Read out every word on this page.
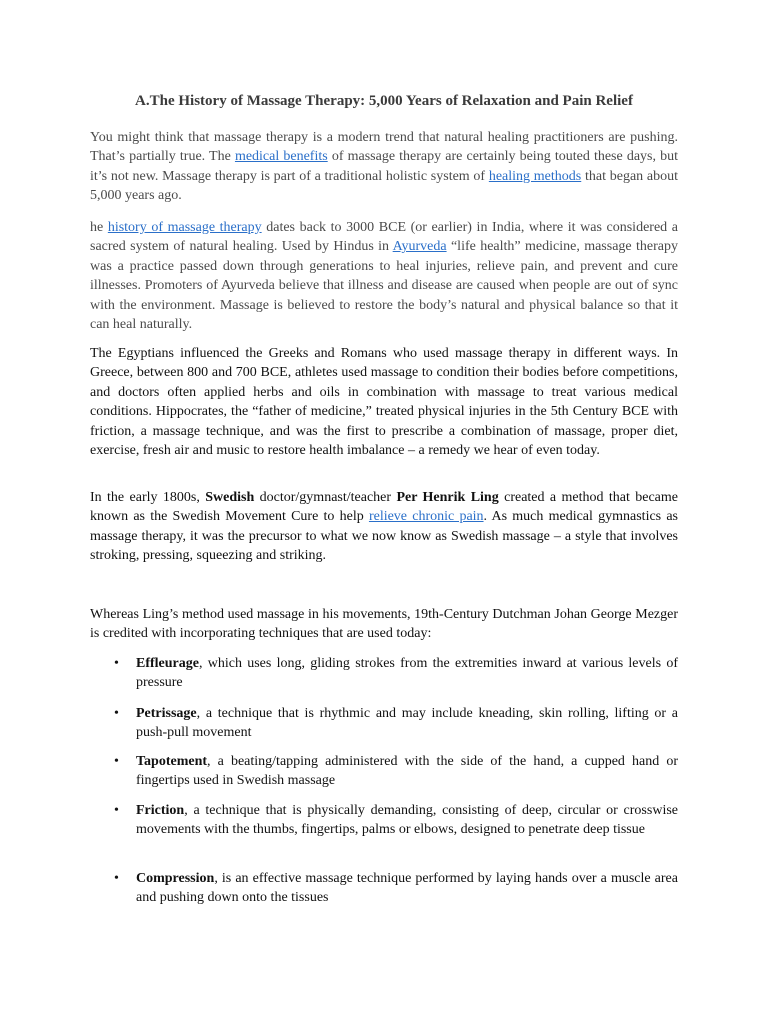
A.The History of Massage Therapy: 5,000 Years of Relaxation and Pain Relief

You might think that massage therapy is a modern trend that natural healing practitioners are pushing. That’s partially true. The medical benefits of massage therapy are certainly being touted these days, but it’s not new. Massage therapy is part of a traditional holistic system of healing methods that began about 5,000 years ago.

he history of massage therapy dates back to 3000 BCE (or earlier) in India, where it was considered a sacred system of natural healing. Used by Hindus in Ayurveda “life health” medicine, massage therapy was a practice passed down through generations to heal injuries, relieve pain, and prevent and cure illnesses. Promoters of Ayurveda believe that illness and disease are caused when people are out of sync with the environment. Massage is believed to restore the body’s natural and physical balance so that it can heal naturally.

The Egyptians influenced the Greeks and Romans who used massage therapy in different ways. In Greece, between 800 and 700 BCE, athletes used massage to condition their bodies before competitions, and doctors often applied herbs and oils in combination with massage to treat various medical conditions. Hippocrates, the “father of medicine,” treated physical injuries in the 5th Century BCE with friction, a massage technique, and was the first to prescribe a combination of massage, proper diet, exercise, fresh air and music to restore health imbalance – a remedy we hear of even today.

In the early 1800s, Swedish doctor/gymnast/teacher Per Henrik Ling created a method that became known as the Swedish Movement Cure to help relieve chronic pain. As much medical gymnastics as massage therapy, it was the precursor to what we now know as Swedish massage – a style that involves stroking, pressing, squeezing and striking.

Whereas Ling’s method used massage in his movements, 19th-Century Dutchman Johan George Mezger is credited with incorporating techniques that are used today:

• Effleurage, which uses long, gliding strokes from the extremities inward at various levels of pressure
• Petrissage, a technique that is rhythmic and may include kneading, skin rolling, lifting or a push-pull movement
• Tapotement, a beating/tapping administered with the side of the hand, a cupped hand or fingertips used in Swedish massage
• Friction, a technique that is physically demanding, consisting of deep, circular or crosswise movements with the thumbs, fingertips, palms or elbows, designed to penetrate deep tissue
• Compression, is an effective massage technique performed by laying hands over a muscle area and pushing down onto the tissues
